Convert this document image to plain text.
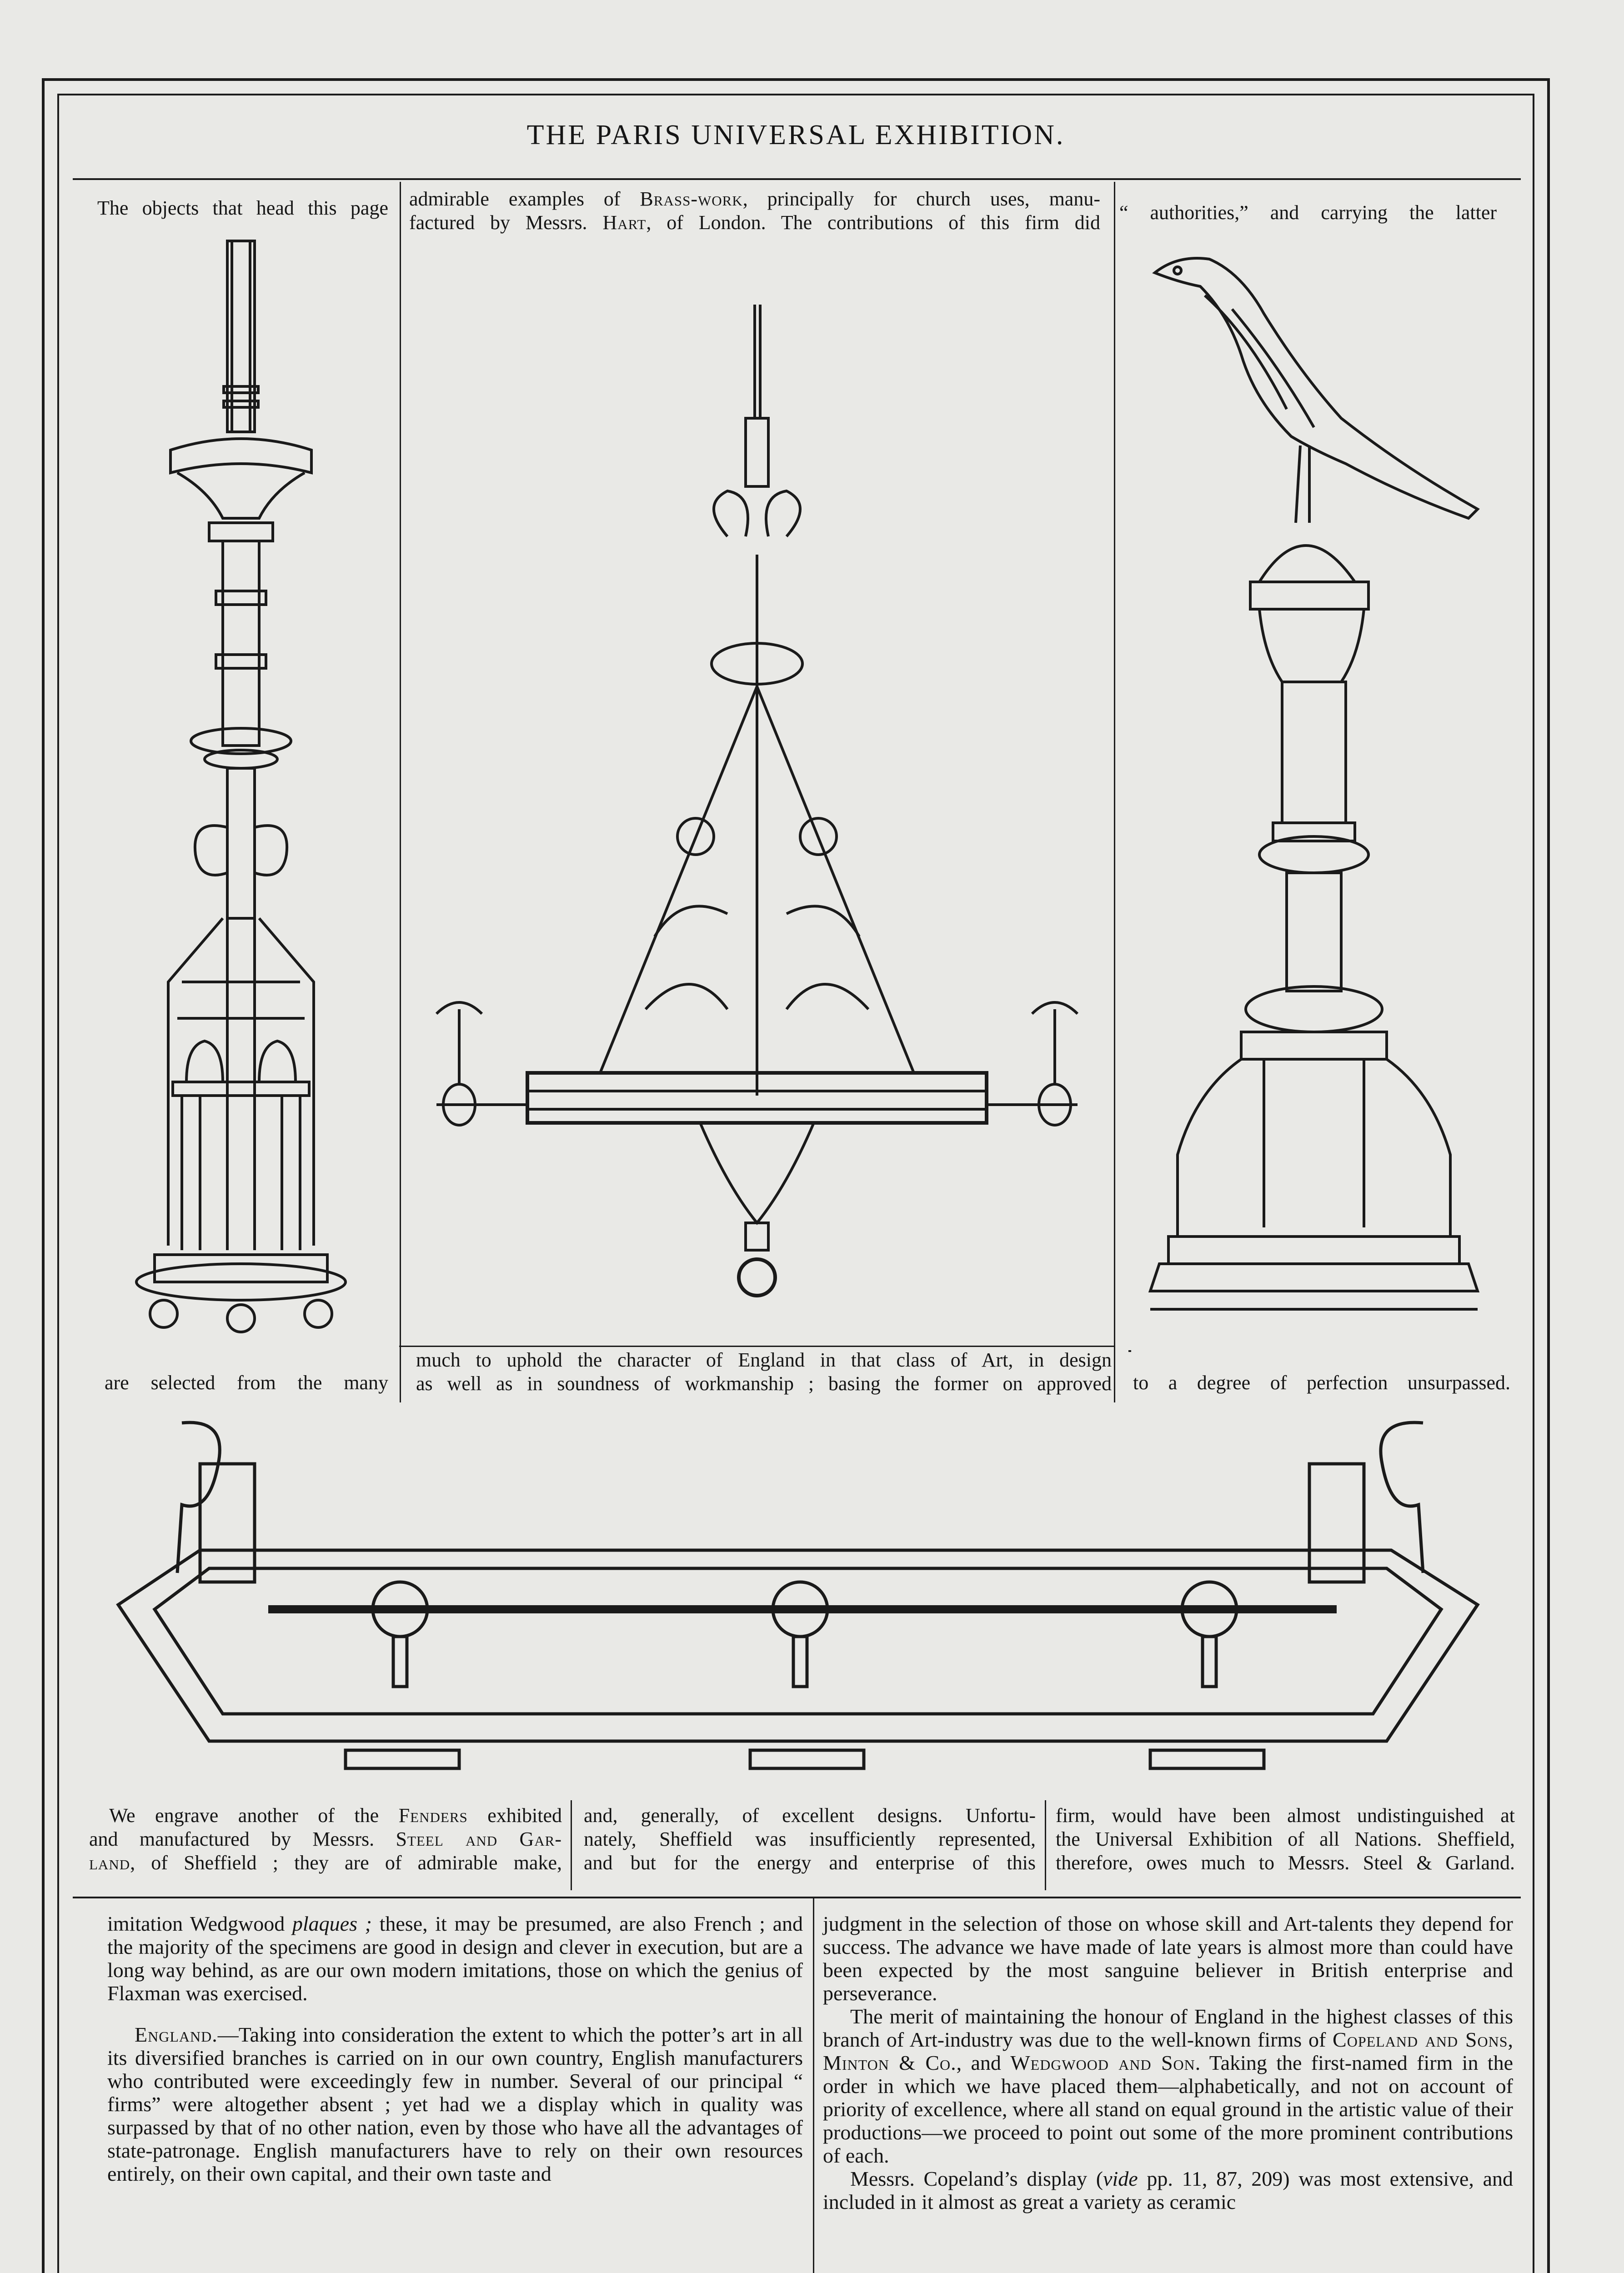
THE PARIS UNIVERSAL EXHIBITION.
The objects that head this page
are selected from the many
admirable examples of Brass-work, principally for church uses, manu-
factured by Messrs. Hart, of London. The contributions of this firm did
much to uphold the character of England in that class of Art, in design
as well as in soundness of workmanship ; basing the former on approved
“ authorities,” and carrying the latter
to a degree of perfection unsurpassed.
We engrave another of the Fenders exhibited
and manufactured by Messrs. Steel and Gar-
land, of Sheffield ; they are of admirable make,
and, generally, of excellent designs. Unfortu-
nately, Sheffield was insufficiently represented,
and but for the energy and enterprise of this
firm, would have been almost undistinguished at
the Universal Exhibition of all Nations. Sheffield,
therefore, owes much to Messrs. Steel & Garland.

imitation Wedgwood plaques ; these, it may be presumed, are also French ; and the majority of the specimens are good in design and clever in execution, but are a long way behind, as are our own modern imitations, those on which the genius of Flaxman was exercised.

England.—Taking into consideration the extent to which the potter’s art in all its diversified branches is carried on in our own country, English manufacturers who contributed were exceedingly few in number. Several of our principal “ firms” were altogether absent ; yet had we a display which in quality was surpassed by that of no other nation, even by those who have all the advantages of state-patronage. English manufacturers have to rely on their own resources entirely, on their own capital, and their own taste and

judgment in the selection of those on whose skill and Art-talents they depend for success. The advance we have made of late years is almost more than could have been expected by the most sanguine believer in British enterprise and perseverance.

The merit of maintaining the honour of England in the highest classes of this branch of Art-industry was due to the well-known firms of Copeland and Sons, Minton & Co., and Wedgwood and Son. Taking the first-named firm in the order in which we have placed them—alphabetically, and not on account of priority of excellence, where all stand on equal ground in the artistic value of their productions—we proceed to point out some of the more prominent contributions of each.

Messrs. Copeland’s display (vide pp. 11, 87, 209) was most extensive, and included in it almost as great a variety as ceramic
